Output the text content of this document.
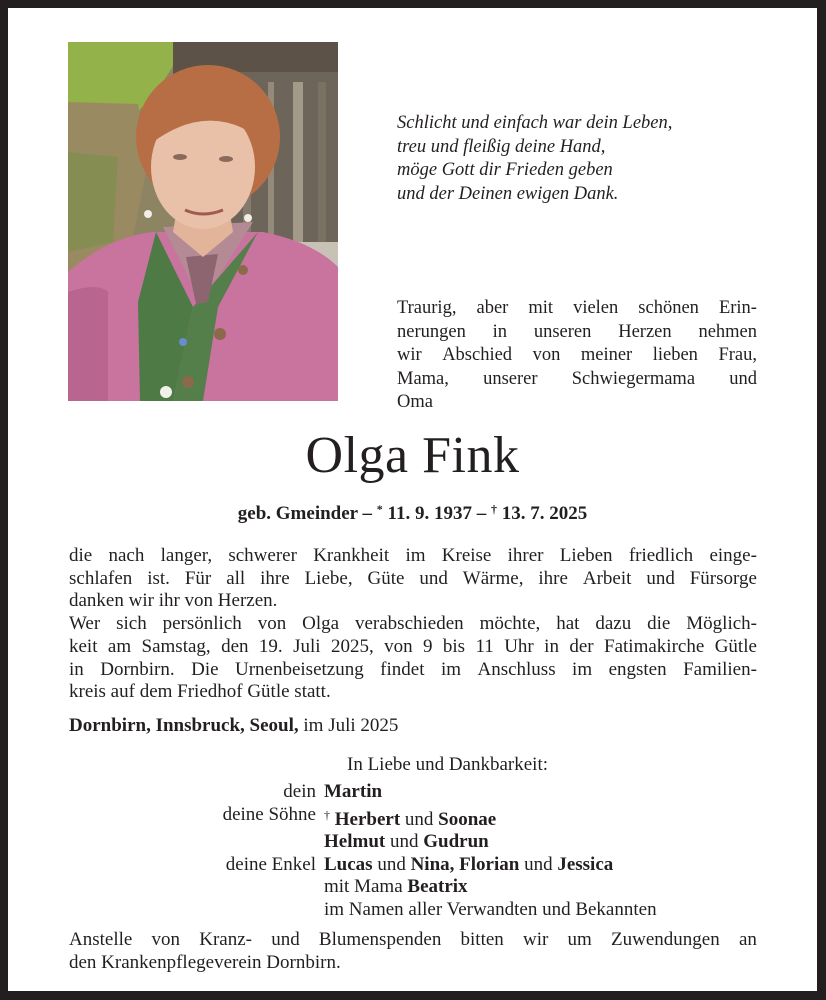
Schlicht und einfach war dein Leben,
treu und fleißig deine Hand,
möge Gott dir Frieden geben
und der Deinen ewigen Dank.
Traurig, aber mit vielen schönen Erin-
nerungen in unseren Herzen nehmen
wir Abschied von meiner lieben Frau,
Mama, unserer Schwiegermama und
Oma
Olga Fink
geb. Gmeinder – * 11. 9. 1937 – † 13. 7. 2025
die nach langer, schwerer Krankheit im Kreise ihrer Lieben friedlich einge-
schlafen ist. Für all ihre Liebe, Güte und Wärme, ihre Arbeit und Fürsorge
danken wir ihr von Herzen.
Wer sich persönlich von Olga verabschieden möchte, hat dazu die Möglich-
keit am Samstag, den 19. Juli 2025, von 9 bis 11 Uhr in der Fatimakirche Gütle
in Dornbirn. Die Urnenbeisetzung findet im Anschluss im engsten Familien-
kreis auf dem Friedhof Gütle statt.
Dornbirn, Innsbruck, Seoul, im Juli 2025
In Liebe und Dankbarkeit:
dein Martin
deine Söhne † Herbert und Soonae
Helmut und Gudrun
deine Enkel Lucas und Nina, Florian und Jessica
mit Mama Beatrix
im Namen aller Verwandten und Bekannten
Anstelle von Kranz- und Blumenspenden bitten wir um Zuwendungen an
den Krankenpflegeverein Dornbirn.
